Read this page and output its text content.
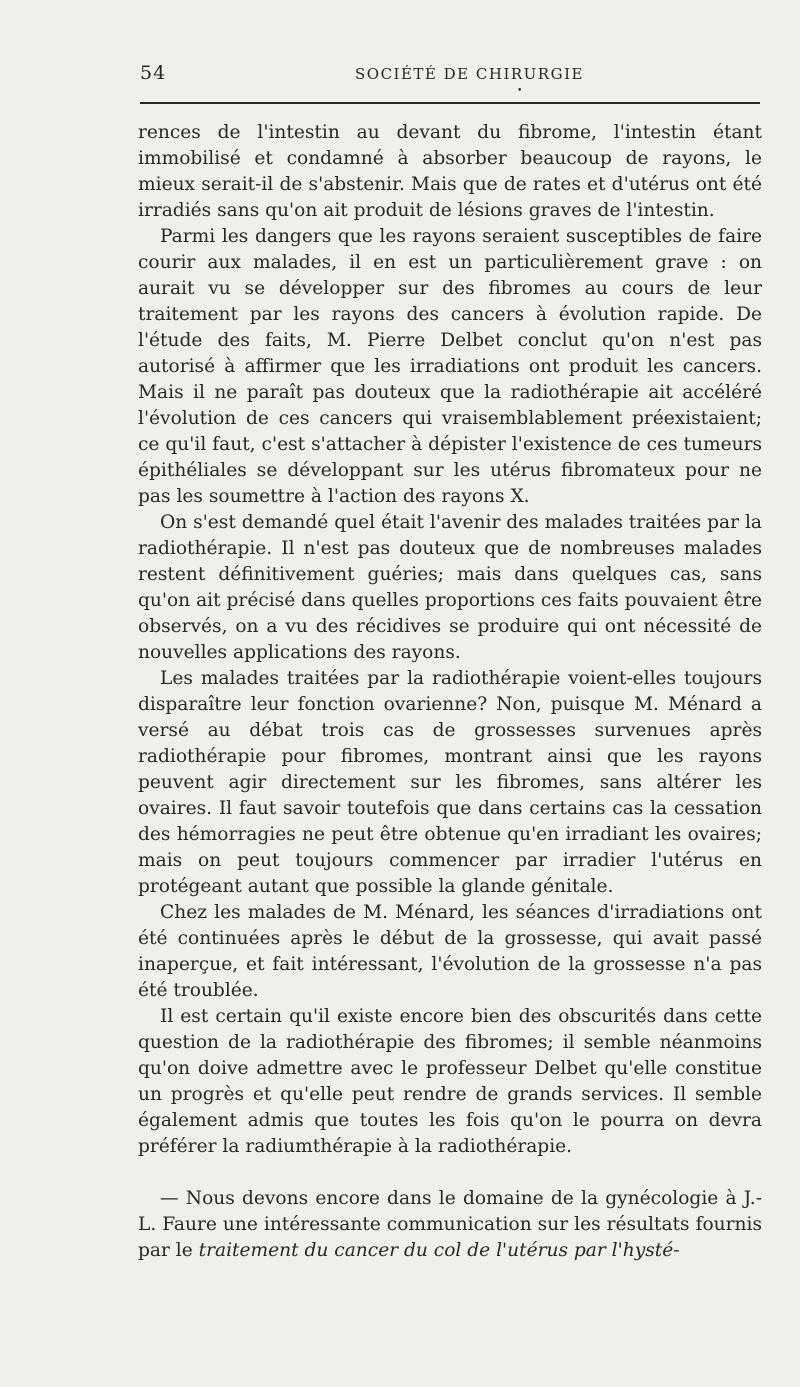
54	SOCIÉTÉ DE CHIRURGIE
•

rences de l'intestin au devant du fibrome, l'intestin étant immobilisé et condamné à absorber beaucoup de rayons, le mieux serait-il de s'abstenir. Mais que de rates et d'utérus ont été irradiés sans qu'on ait produit de lésions graves de l'intestin.

Parmi les dangers que les rayons seraient susceptibles de faire courir aux malades, il en est un particulièrement grave : on aurait vu se développer sur des fibromes au cours de leur traitement par les rayons des cancers à évolution rapide. De l'étude des faits, M. Pierre Delbet conclut qu'on n'est pas autorisé à affirmer que les irradiations ont produit les cancers. Mais il ne paraît pas douteux que la radiothérapie ait accéléré l'évolution de ces cancers qui vraisemblablement préexistaient; ce qu'il faut, c'est s'attacher à dépister l'existence de ces tumeurs épithéliales se développant sur les utérus fibromateux pour ne pas les soumettre à l'action des rayons X.

On s'est demandé quel était l'avenir des malades traitées par la radiothérapie. Il n'est pas douteux que de nombreuses malades restent définitivement guéries; mais dans quelques cas, sans qu'on ait précisé dans quelles proportions ces faits pouvaient être observés, on a vu des récidives se produire qui ont nécessité de nouvelles applications des rayons.

Les malades traitées par la radiothérapie voient-elles toujours disparaître leur fonction ovarienne? Non, puisque M. Ménard a versé au débat trois cas de grossesses survenues après radiothérapie pour fibromes, montrant ainsi que les rayons peuvent agir directement sur les fibromes, sans altérer les ovaires. Il faut savoir toutefois que dans certains cas la cessation des hémorragies ne peut être obtenue qu'en irradiant les ovaires; mais on peut toujours commencer par irradier l'utérus en protégeant autant que possible la glande génitale.

Chez les malades de M. Ménard, les séances d'irradiations ont été continuées après le début de la grossesse, qui avait passé inaperçue, et fait intéressant, l'évolution de la grossesse n'a pas été troublée.

Il est certain qu'il existe encore bien des obscurités dans cette question de la radiothérapie des fibromes; il semble néanmoins qu'on doive admettre avec le professeur Delbet qu'elle constitue un progrès et qu'elle peut rendre de grands services. Il semble également admis que toutes les fois qu'on le pourra on devra préférer la radiumthérapie à la radiothérapie.

— Nous devons encore dans le domaine de la gynécologie à J.-L. Faure une intéressante communication sur les résultats fournis par le traitement du cancer du col de l'utérus par l'hysté-
